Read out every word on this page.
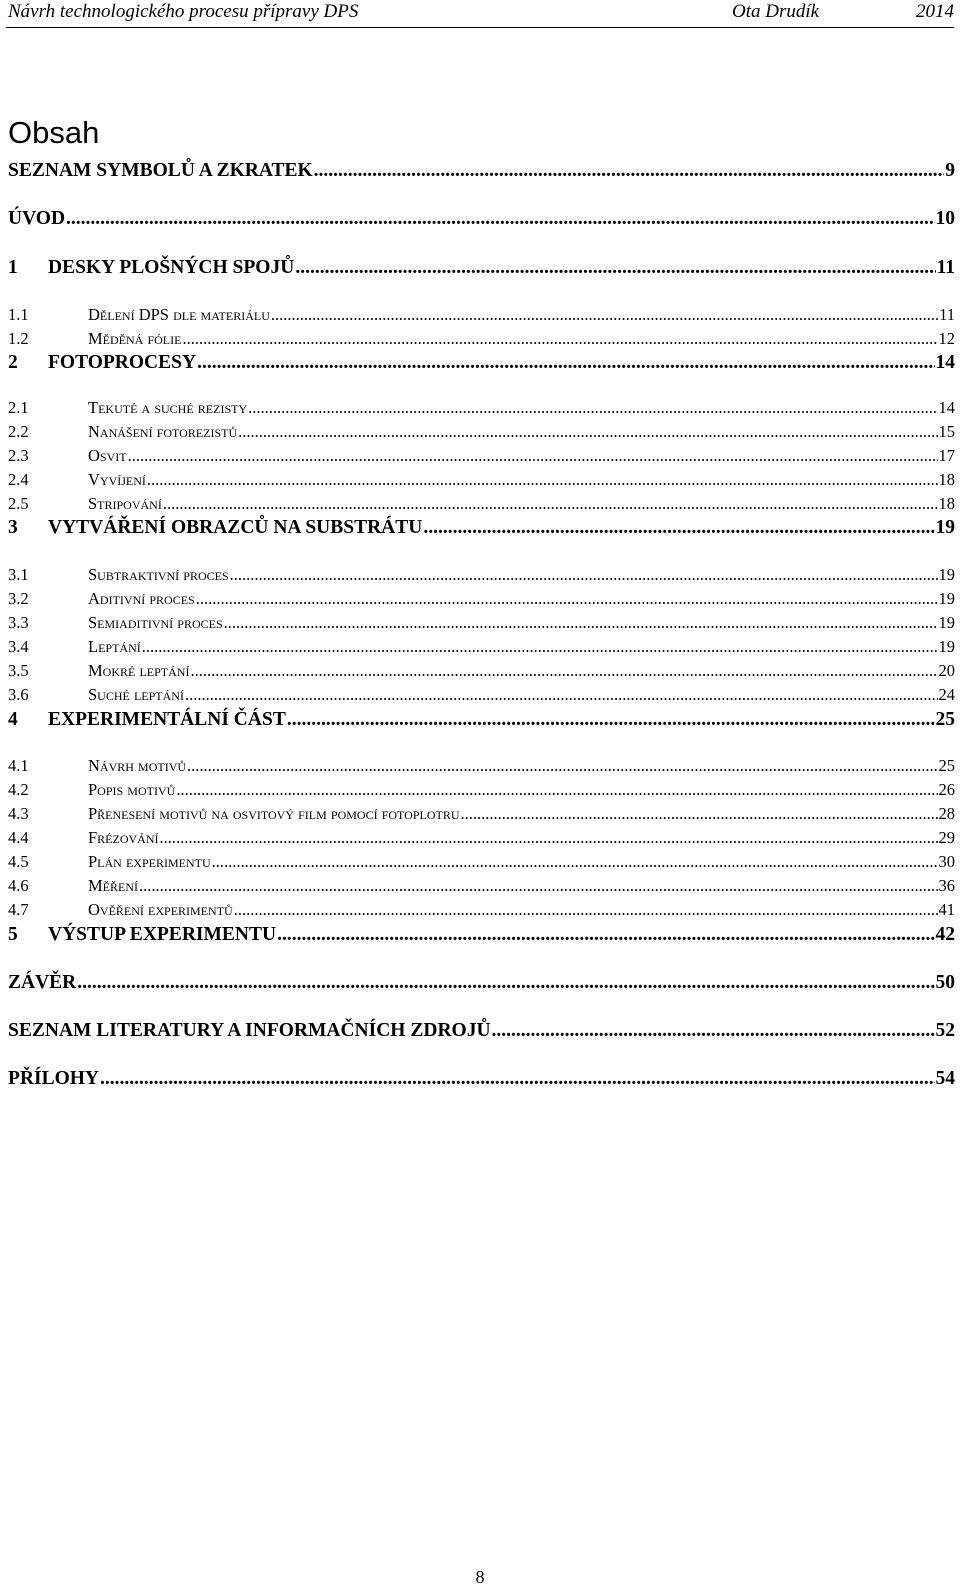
Návrh technologického procesu přípravy DPS	Ota Drudík	2014
Obsah
SEZNAM SYMBOLŮ A ZKRATEK .....	9
ÚVOD .....	10
1	DESKY PLOŠNÝCH SPOJŮ .....	11
1.1	Dělení DPS dle materiálu .....	11
1.2	Měděná fólie .....	12
2	FOTOPROCESY .....	14
2.1	Tekuté a suché rezisty .....	14
2.2	Nanášení fotorezistů .....	15
2.3	Osvit .....	17
2.4	Vyvíjení .....	18
2.5	Stripování .....	18
3	VYTVÁŘENÍ OBRAZCŮ NA SUBSTRÁTU .....	19
3.1	Subtraktivní proces .....	19
3.2	Aditivní proces .....	19
3.3	Semiaditivní proces .....	19
3.4	Leptání .....	19
3.5	Mokré leptání .....	20
3.6	Suché leptání .....	24
4	EXPERIMENTÁLNÍ ČÁST .....	25
4.1	Návrh motivů .....	25
4.2	Popis motivů .....	26
4.3	Přenesení motivů na osvitový film pomocí fotoplotru .....	28
4.4	Frézování .....	29
4.5	Plán experimentu .....	30
4.6	Měření .....	36
4.7	Ověření experimentů .....	41
5	VÝSTUP EXPERIMENTU .....	42
ZÁVĚR .....	50
SEZNAM LITERATURY A INFORMAČNÍCH ZDROJŮ .....	52
PŘÍLOHY .....	54
8
